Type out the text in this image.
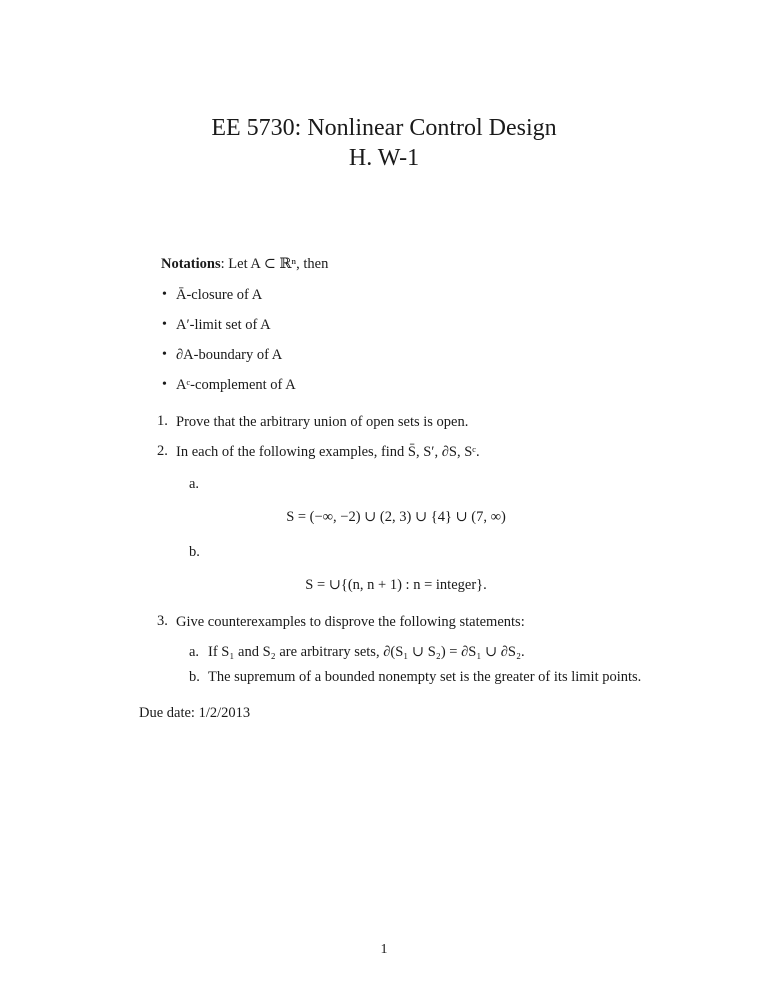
EE 5730: Nonlinear Control Design
H. W-1
Notations: Let A ⊂ ℝⁿ, then
• Ā-closure of A
• A′-limit set of A
• ∂A-boundary of A
• Aᶜ-complement of A
1. Prove that the arbitrary union of open sets is open.
2. In each of the following examples, find S̄, S′, ∂S, Sᶜ.
a.
S = (−∞, −2) ∪ (2, 3) ∪ {4} ∪ (7, ∞)
b.
S = ∪{(n, n + 1) : n = integer}.
3. Give counterexamples to disprove the following statements:
a. If S₁ and S₂ are arbitrary sets, ∂(S₁ ∪ S₂) = ∂S₁ ∪ ∂S₂.
b. The supremum of a bounded nonempty set is the greater of its limit points.
Due date: 1/2/2013
1
